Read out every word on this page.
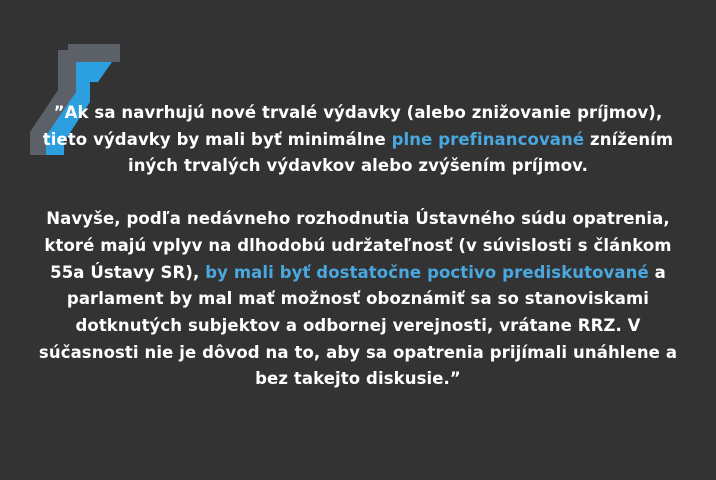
”Ak sa navrhujú nové trvalé výdavky (alebo znižovanie príjmov), tieto výdavky by mali byť minimálne plne prefinancované znížením iných trvalých výdavkov alebo zvýšením príjmov.

Navyše, podľa nedávneho rozhodnutia Ústavného súdu opatrenia, ktoré majú vplyv na dlhodobú udržateľnosť (v súvislosti s článkom 55a Ústavy SR), by mali byť dostatočne poctivo prediskutované a parlament by mal mať možnosť oboznámiť sa so stanoviskami dotknutých subjektov a odbornej verejnosti, vrátane RRZ. V súčasnosti nie je dôvod na to, aby sa opatrenia prijímali unáhlene a bez takejto diskusie.”
